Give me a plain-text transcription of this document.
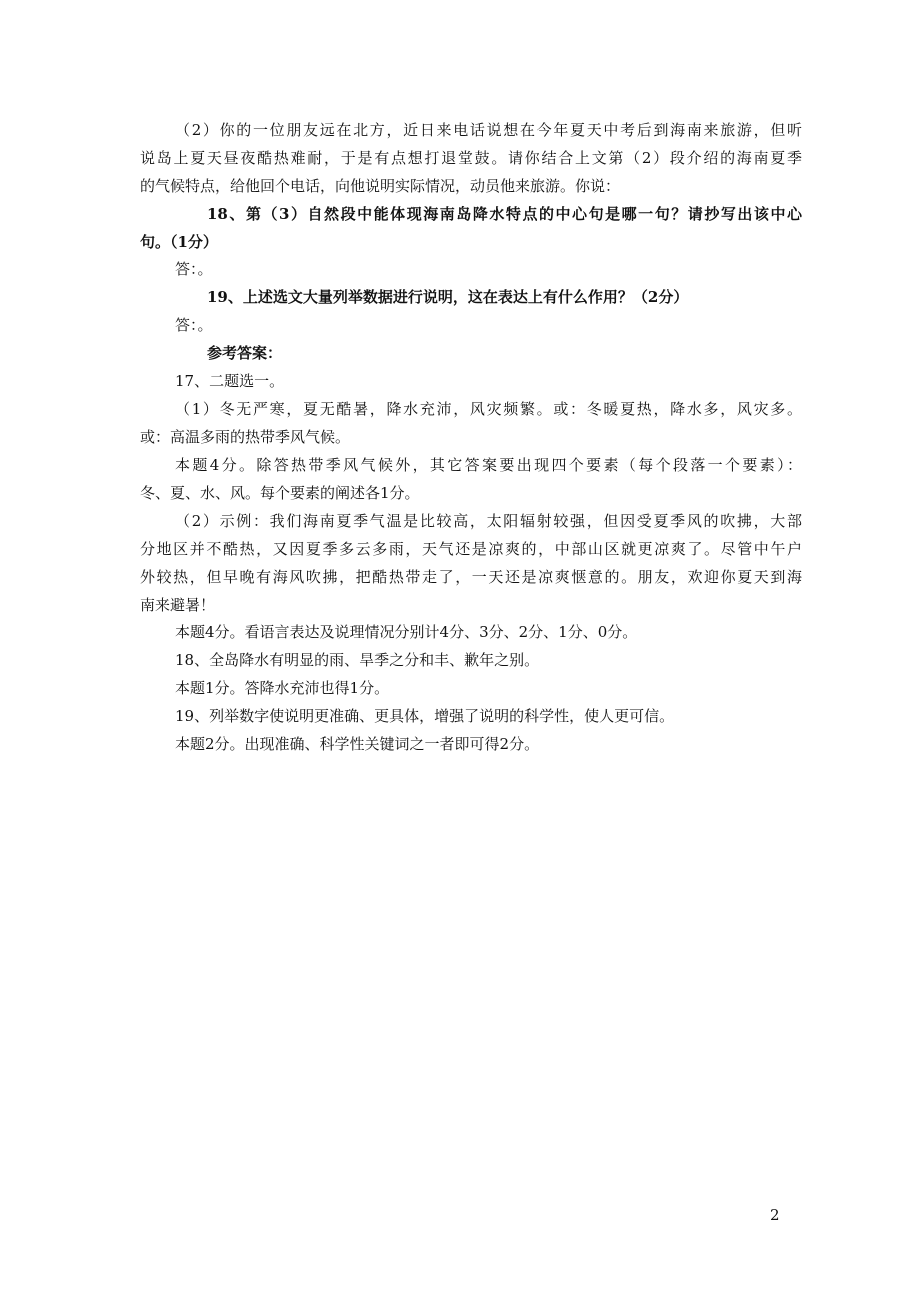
（2）你的一位朋友远在北方，近日来电话说想在今年夏天中考后到海南来旅游，但听
说岛上夏天昼夜酷热难耐，于是有点想打退堂鼓。请你结合上文第（2）段介绍的海南夏季
的气候特点，给他回个电话，向他说明实际情况，动员他来旅游。你说：
18、第（3）自然段中能体现海南岛降水特点的中心句是哪一句？请抄写出该中心
句。（1分）
答：。
19、上述选文大量列举数据进行说明，这在表达上有什么作用？（2分）
答：。
参考答案：
17、二题选一。
（1）冬无严寒，夏无酷暑，降水充沛，风灾频繁。或：冬暖夏热，降水多，风灾多。
或：高温多雨的热带季风气候。
本题4分。除答热带季风气候外，其它答案要出现四个要素（每个段落一个要素）：
冬、夏、水、风。每个要素的阐述各1分。
（2）示例：我们海南夏季气温是比较高，太阳辐射较强，但因受夏季风的吹拂，大部
分地区并不酷热，又因夏季多云多雨，天气还是凉爽的，中部山区就更凉爽了。尽管中午户
外较热，但早晚有海风吹拂，把酷热带走了，一天还是凉爽惬意的。朋友，欢迎你夏天到海
南来避暑！
本题4分。看语言表达及说理情况分别计4分、3分、2分、1分、0分。
18、全岛降水有明显的雨、旱季之分和丰、歉年之别。
本题1分。答降水充沛也得1分。
19、列举数字使说明更准确、更具体，增强了说明的科学性，使人更可信。
本题2分。出现准确、科学性关键词之一者即可得2分。
2
